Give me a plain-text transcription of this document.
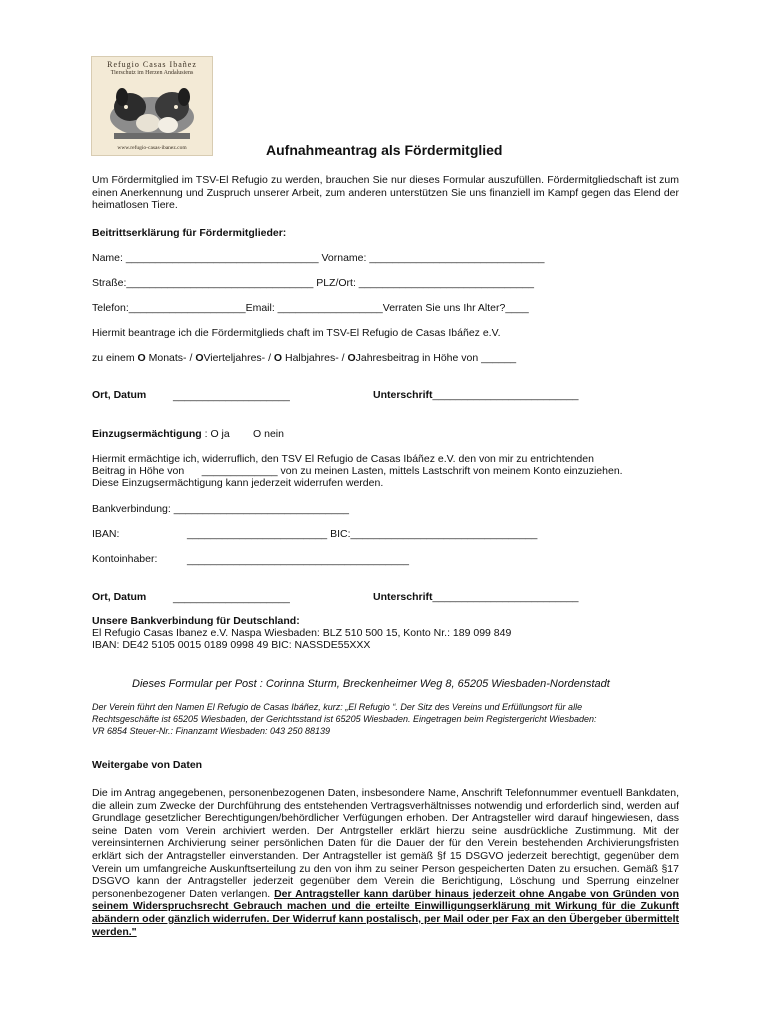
Refugio Casas Ibañez
Tierschutz im Herzen Andalusiens
www.refugio-casas-ibanez.com	Aufnahmeantrag als Fördermitglied
Um Fördermitglied im TSV-El Refugio zu werden, brauchen Sie nur dieses Formular auszufüllen. Fördermitgliedschaft ist zum einen Anerkennung und Zuspruch unserer Arbeit, zum anderen unterstützen Sie uns finanziell im Kampf gegen das Elend der heimatlosen Tiere.
Beitrittserklärung für Fördermitglieder:
Name: _________________________________ Vorname: ______________________________
Straße:________________________________ PLZ/Ort: ______________________________
Telefon:____________________Email: __________________Verraten Sie uns Ihr Alter?____
Hiermit beantrage ich die Fördermitglieds chaft im TSV-El Refugio de Casas Ibáñez e.V.
zu einem O Monats- / OVierteljahres- / O Halbjahres- / OJahresbeitrag in Höhe von ______
Ort, Datum	____________________	Unterschrift_________________________
Einzugsermächtigung : O ja        O nein
Hiermit ermächtige ich, widerruflich, den TSV El Refugio de Casas Ibáñez e.V. den von mir zu entrichtenden
Beitrag in Höhe von      _____________ von zu meinen Lasten, mittels Lastschrift von meinem Konto einzuziehen.
Diese Einzugsermächtigung kann jederzeit widerrufen werden.
Bankverbindung: ______________________________
IBAN:	________________________ BIC:________________________________
Kontoinhaber:	______________________________________
Ort, Datum	____________________	Unterschrift_________________________
Unsere Bankverbindung für Deutschland:
El Refugio Casas Ibanez e.V. Naspa Wiesbaden: BLZ 510 500 15, Konto Nr.: 189 099 849
IBAN: DE42 5105 0015 0189 0998 49 BIC: NASSDE55XXX
Dieses Formular per Post : Corinna Sturm, Breckenheimer Weg 8, 65205 Wiesbaden-Nordenstadt
Der Verein führt den Namen El Refugio de Casas Ibáñez, kurz: „El Refugio “. Der Sitz des Vereins und Erfüllungsort für alle
Rechtsgeschäfte ist 65205 Wiesbaden, der Gerichtsstand ist 65205 Wiesbaden. Eingetragen beim Registergericht Wiesbaden:
VR 6854 Steuer-Nr.: Finanzamt Wiesbaden: 043 250 88139
Weitergabe von Daten
Die im Antrag angegebenen, personenbezogenen Daten, insbesondere Name, Anschrift Telefonnummer eventuell Bankdaten, die allein zum Zwecke der Durchführung des entstehenden Vertragsverhältnisses notwendig und erforderlich sind, werden auf Grundlage gesetzlicher Berechtigungen/behördlicher Verfügungen erhoben. Der Antragsteller wird darauf hingewiesen, dass seine Daten vom Verein archiviert werden. Der Antrgsteller erklärt hierzu seine ausdrückliche Zustimmung. Mit der vereinsinternen Archivierung seiner persönlichen Daten für die Dauer der für den Verein bestehenden Archivierungsfristen erklärt sich der Antragsteller einverstanden. Der Antragsteller ist gemäß §f 15 DSGVO jederzeit berechtigt, gegenüber dem Verein um umfangreiche Auskunftserteilung zu den von ihm zu seiner Person gespeicherten Daten zu ersuchen. Gemäß §17 DSGVO kann der Antragsteller jederzeit gegenüber dem Verein die Berichtigung, Löschung und Sperrung einzelner personenbezogener Daten verlangen. Der Antragsteller kann darüber hinaus jederzeit ohne Angabe von Gründen von seinem Widerspruchsrecht Gebrauch machen und die erteilte Einwilligungserklärung mit Wirkung für die Zukunft abändern oder gänzlich widerrufen. Der Widerruf kann postalisch, per Mail oder per Fax an den Übergeber übermittelt werden."
